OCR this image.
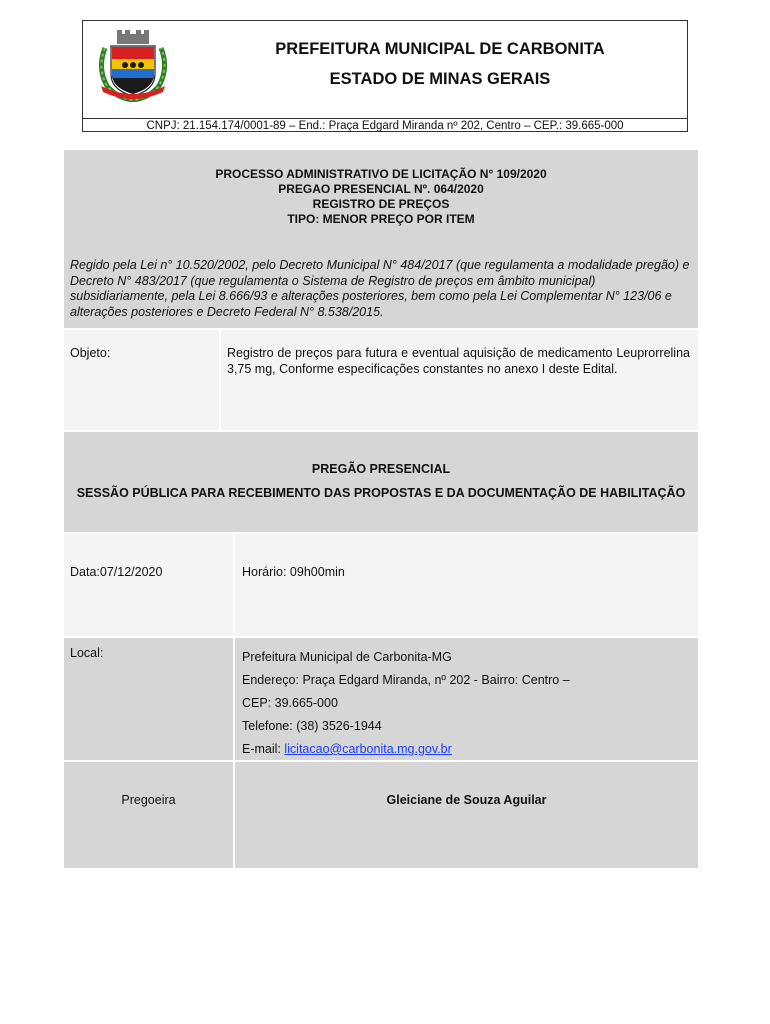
PREFEITURA MUNICIPAL DE CARBONITA
ESTADO DE MINAS GERAIS
CNPJ: 21.154.174/0001-89 – End.: Praça Edgard Miranda nº 202, Centro – CEP.: 39.665-000
PROCESSO ADMINISTRATIVO DE LICITAÇÃO N° 109/2020
PREGAO PRESENCIAL Nº. 064/2020
REGISTRO DE PREÇOS
TIPO: MENOR PREÇO POR ITEM
Regido pela Lei n° 10.520/2002, pelo Decreto Municipal N° 484/2017 (que regulamenta a modalidade pregão) e Decreto N° 483/2017 (que regulamenta o Sistema de Registro de preços em âmbito municipal) subsidiariamente, pela Lei 8.666/93 e alterações posteriores, bem como pela Lei Complementar N° 123/06 e alterações posteriores e Decreto Federal N° 8.538/2015.
Objeto:	Registro de preços para futura e eventual aquisição de medicamento Leuprorrelina 3,75 mg, Conforme especificações constantes no anexo I deste Edital.
PREGÃO PRESENCIAL
SESSÃO PÚBLICA PARA RECEBIMENTO DAS PROPOSTAS E DA DOCUMENTAÇÃO DE HABILITAÇÃO
Data:07/12/2020	Horário: 09h00min
Local:	Prefeitura Municipal de Carbonita-MG
Endereço: Praça Edgard Miranda, nº 202 - Bairro: Centro –
CEP: 39.665-000
Telefone: (38) 3526-1944
E-mail: licitacao@carbonita.mg.gov.br
Pregoeira	Gleiciane de Souza Aguilar
